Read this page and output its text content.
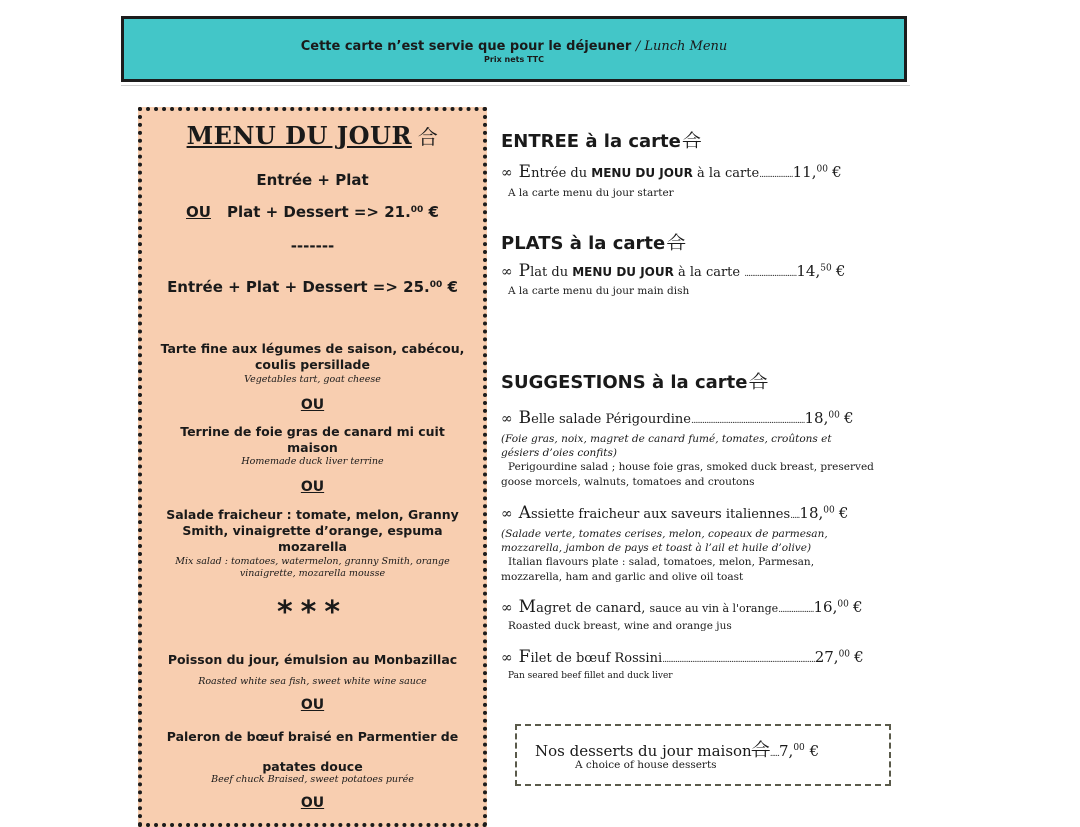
Cette carte n’est servie que pour le déjeuner / Lunch Menu
Prix nets TTC
MENU DU JOUR 合
Entrée + Plat
OU Plat + Dessert => 21.00 €
-------
Entrée + Plat + Dessert => 25.00 €
Tarte fine aux légumes de saison, cabécou, coulis persillade
Vegetables tart, goat cheese
OU
Terrine de foie gras de canard mi cuit maison
Homemade duck liver terrine
OU
Salade fraicheur : tomate, melon, Granny Smith, vinaigrette d’orange, espuma mozarella
Mix salad : tomatoes, watermelon, granny Smith, orange vinaigrette, mozarella mousse
***
Poisson du jour, émulsion au Monbazillac
Roasted white sea fish, sweet white wine sauce
OU
Paleron de bœuf braisé en Parmentier de patates douce
Beef chuck Braised, sweet potatoes purée
OU
ENTREE à la carte 合
∞ Entrée du MENU DU JOUR à la carte..................11,00 €
A la carte menu du jour starter
PLATS à la carte 合
∞ Plat du MENU DU JOUR à la carte ............................14,50 €
A la carte menu du jour main dish
SUGGESTIONS à la carte 合
∞ Belle salade Périgourdine.............................................................18,00 €
(Foie gras, noix, magret de canard fumé, tomates, croûtons et
gésiers d’oies confits)
Perigourdine salad ; house foie gras, smoked duck breast, preserved
goose morcels, walnuts, tomatoes and croutons
∞ Assiette fraicheur aux saveurs italiennes.....18,00 €
(Salade verte, tomates cerises, melon, copeaux de parmesan,
mozzarella, jambon de pays et toast à l’ail et huile d’olive)
Italian flavours plate : salad, tomatoes, melon, Parmesan,
mozzarella, ham and garlic and olive oil toast
∞ Magret de canard, sauce au vin à l'orange...................16,00 €
Roasted duck breast, wine and orange jus
∞ Filet de bœuf Rossini..................................................................................27,00 €
Pan seared beef fillet and duck liver
Nos desserts du jour maison合.....7,00 €
A choice of house desserts
